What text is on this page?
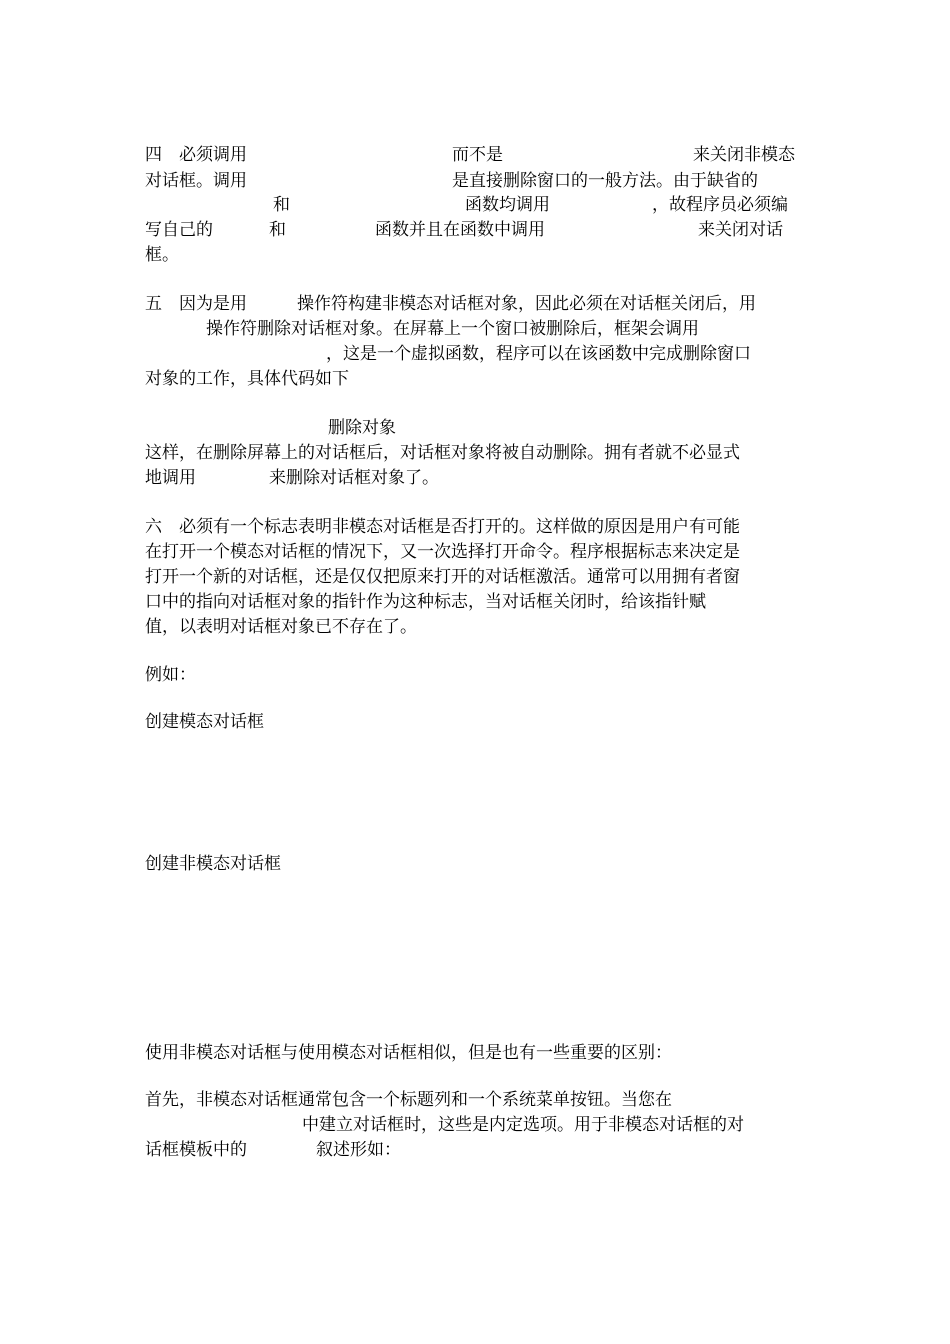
四　必须调用	而不是	来关闭非模态
对话框。调用	是直接删除窗口的一般方法。由于缺省的
和	函数均调用	，故程序员必须编
写自己的	和	函数并且在函数中调用	来关闭对话
框。
五　因为是用	操作符构建非模态对话框对象，因此必须在对话框关闭后，用
操作符删除对话框对象。在屏幕上一个窗口被删除后，框架会调用
，这是一个虚拟函数，程序可以在该函数中完成删除窗口
对象的工作，具体代码如下
删除对象
这样，在删除屏幕上的对话框后，对话框对象将被自动删除。拥有者就不必显式
地调用	来删除对话框对象了。
六　必须有一个标志表明非模态对话框是否打开的。这样做的原因是用户有可能
在打开一个模态对话框的情况下，又一次选择打开命令。程序根据标志来决定是
打开一个新的对话框，还是仅仅把原来打开的对话框激活。通常可以用拥有者窗
口中的指向对话框对象的指针作为这种标志，当对话框关闭时，给该指针赋
值，以表明对话框对象已不存在了。
例如：
创建模态对话框
创建非模态对话框
使用非模态对话框与使用模态对话框相似，但是也有一些重要的区别：
首先，非模态对话框通常包含一个标题列和一个系统菜单按钮。当您在
中建立对话框时，这些是内定选项。用于非模态对话框的对
话框模板中的	叙述形如：
